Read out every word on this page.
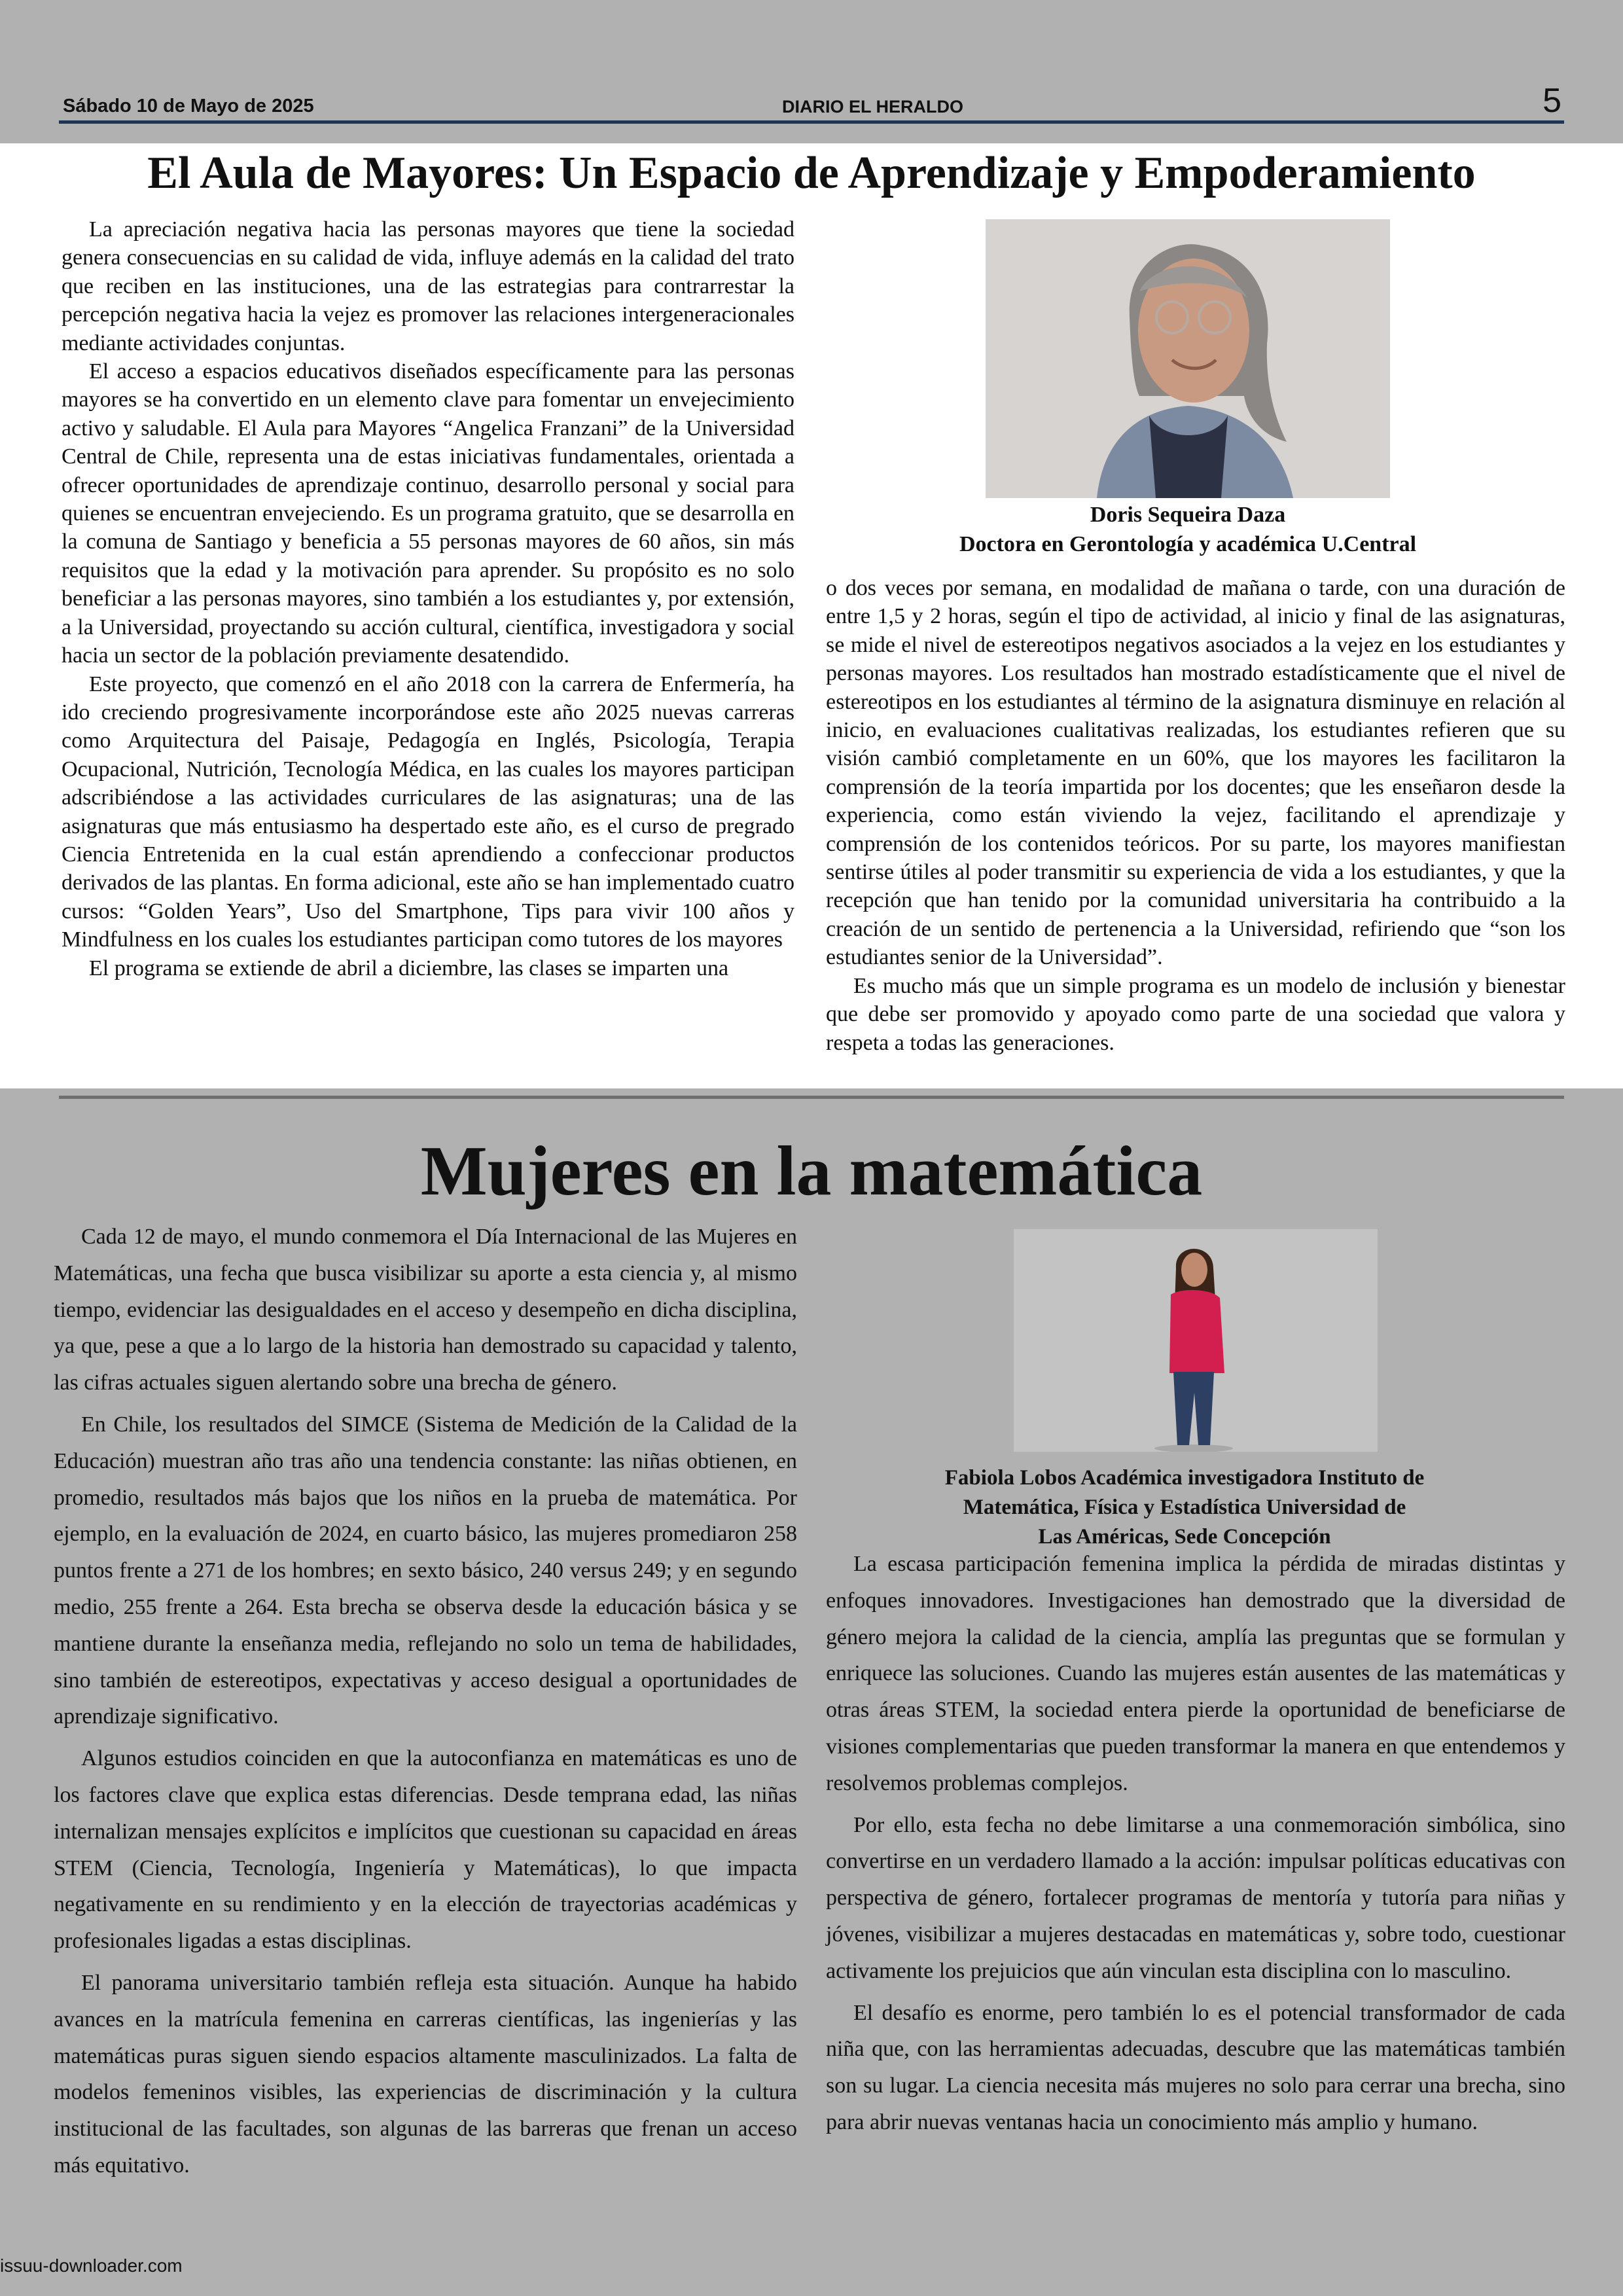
Sábado 10 de Mayo de 2025	DIARIO EL HERALDO	5
El Aula de Mayores: Un Espacio de Aprendizaje y Empoderamiento

La apreciación negativa hacia las personas mayores que tiene la sociedad genera consecuencias en su calidad de vida, influye además en la calidad del trato que reciben en las instituciones, una de las estrategias para contrarrestar la percepción negativa hacia la vejez es promover las relaciones intergeneracionales mediante actividades conjuntas.

El acceso a espacios educativos diseñados específicamente para las personas mayores se ha convertido en un elemento clave para fomentar un envejecimiento activo y saludable. El Aula para Mayores “Angelica Franzani” de la Universidad Central de Chile, representa una de estas iniciativas fundamentales, orientada a ofrecer oportunidades de aprendizaje continuo, desarrollo personal y social para quienes se encuentran envejeciendo. Es un programa gratuito, que se desarrolla en la comuna de Santiago y beneficia a 55 personas mayores de 60 años, sin más requisitos que la edad y la motivación para aprender. Su propósito es no solo beneficiar a las personas mayores, sino también a los estudiantes y, por extensión, a la Universidad, proyectando su acción cultural, científica, investigadora y social hacia un sector de la población previamente desatendido.

Este proyecto, que comenzó en el año 2018 con la carrera de Enfermería, ha ido creciendo progresivamente incorporándose este año 2025 nuevas carreras como Arquitectura del Paisaje, Pedagogía en Inglés, Psicología, Terapia Ocupacional, Nutrición, Tecnología Médica, en las cuales los mayores participan adscribiéndose a las actividades curriculares de las asignaturas; una de las asignaturas que más entusiasmo ha despertado este año, es el curso de pregrado Ciencia Entretenida en la cual están aprendiendo a confeccionar productos derivados de las plantas. En forma adicional, este año se han implementado cuatro cursos: “Golden Years”, Uso del Smartphone, Tips para vivir 100 años y Mindfulness en los cuales los estudiantes participan como tutores de los mayores

El programa se extiende de abril a diciembre, las clases se imparten una

Doris Sequeira Daza
Doctora en Gerontología y académica U.Central

o dos veces por semana, en modalidad de mañana o tarde, con una duración de entre 1,5 y 2 horas, según el tipo de actividad, al inicio y final de las asignaturas, se mide el nivel de estereotipos negativos asociados a la vejez en los estudiantes y personas mayores. Los resultados han mostrado estadísticamente que el nivel de estereotipos en los estudiantes al término de la asignatura disminuye en relación al inicio, en evaluaciones cualitativas realizadas, los estudiantes refieren que su visión cambió completamente en un 60%, que los mayores les facilitaron la comprensión de la teoría impartida por los docentes; que les enseñaron desde la experiencia, como están viviendo la vejez, facilitando el aprendizaje y comprensión de los contenidos teóricos. Por su parte, los mayores manifiestan sentirse útiles al poder transmitir su experiencia de vida a los estudiantes, y que la recepción que han tenido por la comunidad universitaria ha contribuido a la creación de un sentido de pertenencia a la Universidad, refiriendo que “son los estudiantes senior de la Universidad”.

Es mucho más que un simple programa es un modelo de inclusión y bienestar que debe ser promovido y apoyado como parte de una sociedad que valora y respeta a todas las generaciones.

Mujeres en la matemática

Cada 12 de mayo, el mundo conmemora el Día Internacional de las Mujeres en Matemáticas, una fecha que busca visibilizar su aporte a esta ciencia y, al mismo tiempo, evidenciar las desigualdades en el acceso y desempeño en dicha disciplina, ya que, pese a que a lo largo de la historia han demostrado su capacidad y talento, las cifras actuales siguen alertando sobre una brecha de género.

En Chile, los resultados del SIMCE (Sistema de Medición de la Calidad de la Educación) muestran año tras año una tendencia constante: las niñas obtienen, en promedio, resultados más bajos que los niños en la prueba de matemática. Por ejemplo, en la evaluación de 2024, en cuarto básico, las mujeres promediaron 258 puntos frente a 271 de los hombres; en sexto básico, 240 versus 249; y en segundo medio, 255 frente a 264. Esta brecha se observa desde la educación básica y se mantiene durante la enseñanza media, reflejando no solo un tema de habilidades, sino también de estereotipos, expectativas y acceso desigual a oportunidades de aprendizaje significativo.

Algunos estudios coinciden en que la autoconfianza en matemáticas es uno de los factores clave que explica estas diferencias. Desde temprana edad, las niñas internalizan mensajes explícitos e implícitos que cuestionan su capacidad en áreas STEM (Ciencia, Tecnología, Ingeniería y Matemáticas), lo que impacta negativamente en su rendimiento y en la elección de trayectorias académicas y profesionales ligadas a estas disciplinas.

El panorama universitario también refleja esta situación. Aunque ha habido avances en la matrícula femenina en carreras científicas, las ingenierías y las matemáticas puras siguen siendo espacios altamente masculinizados. La falta de modelos femeninos visibles, las experiencias de discriminación y la cultura institucional de las facultades, son algunas de las barreras que frenan un acceso más equitativo.

Fabiola Lobos Académica investigadora Instituto de
Matemática, Física y Estadística Universidad de
Las Américas, Sede Concepción

La escasa participación femenina implica la pérdida de miradas distintas y enfoques innovadores. Investigaciones han demostrado que la diversidad de género mejora la calidad de la ciencia, amplía las preguntas que se formulan y enriquece las soluciones. Cuando las mujeres están ausentes de las matemáticas y otras áreas STEM, la sociedad entera pierde la oportunidad de beneficiarse de visiones complementarias que pueden transformar la manera en que entendemos y resolvemos problemas complejos.

Por ello, esta fecha no debe limitarse a una conmemoración simbólica, sino convertirse en un verdadero llamado a la acción: impulsar políticas educativas con perspectiva de género, fortalecer programas de mentoría y tutoría para niñas y jóvenes, visibilizar a mujeres destacadas en matemáticas y, sobre todo, cuestionar activamente los prejuicios que aún vinculan esta disciplina con lo masculino.

El desafío es enorme, pero también lo es el potencial transformador de cada niña que, con las herramientas adecuadas, descubre que las matemáticas también son su lugar. La ciencia necesita más mujeres no solo para cerrar una brecha, sino para abrir nuevas ventanas hacia un conocimiento más amplio y humano.

issuu-downloader.com
